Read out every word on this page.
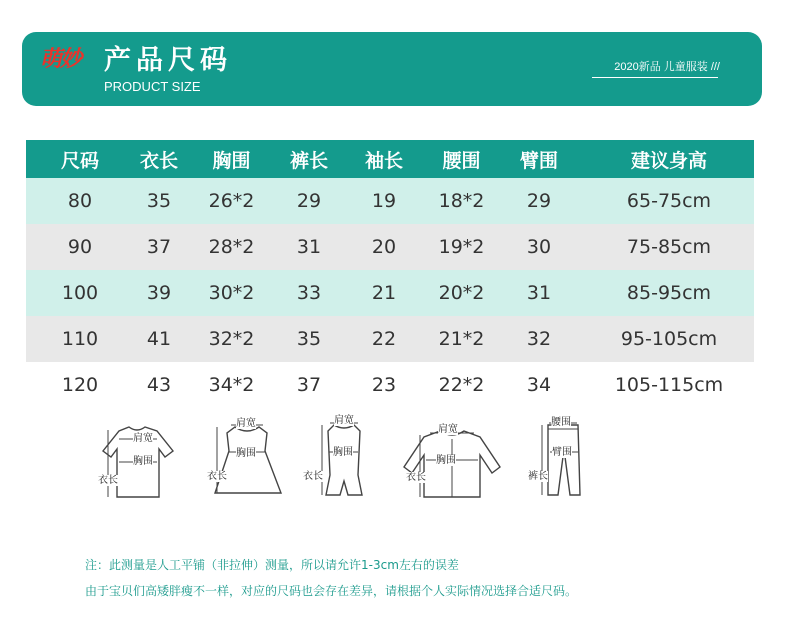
萌妙 产品尺码
PRODUCT SIZE
2020新品 儿童服装 ///
尺码	衣长	胸围	裤长	袖长	腰围	臂围	建议身高
80	35	26*2	29	19	18*2	29	65-75cm
90	37	28*2	31	20	19*2	30	75-85cm
100	39	30*2	33	21	20*2	31	85-95cm
110	41	32*2	35	22	21*2	32	95-105cm
120	43	34*2	37	23	22*2	34	105-115cm
肩宽
胸围
衣长
肩宽
胸围
衣长
肩宽
胸围
衣长
肩宽
胸围
衣长
腰围
臂围
裤长
注：此测量是人工平铺（非拉伸）测量，所以请允许1-3cm左右的误差
由于宝贝们高矮胖瘦不一样，对应的尺码也会存在差异，请根据个人实际情况选择合适尺码。
